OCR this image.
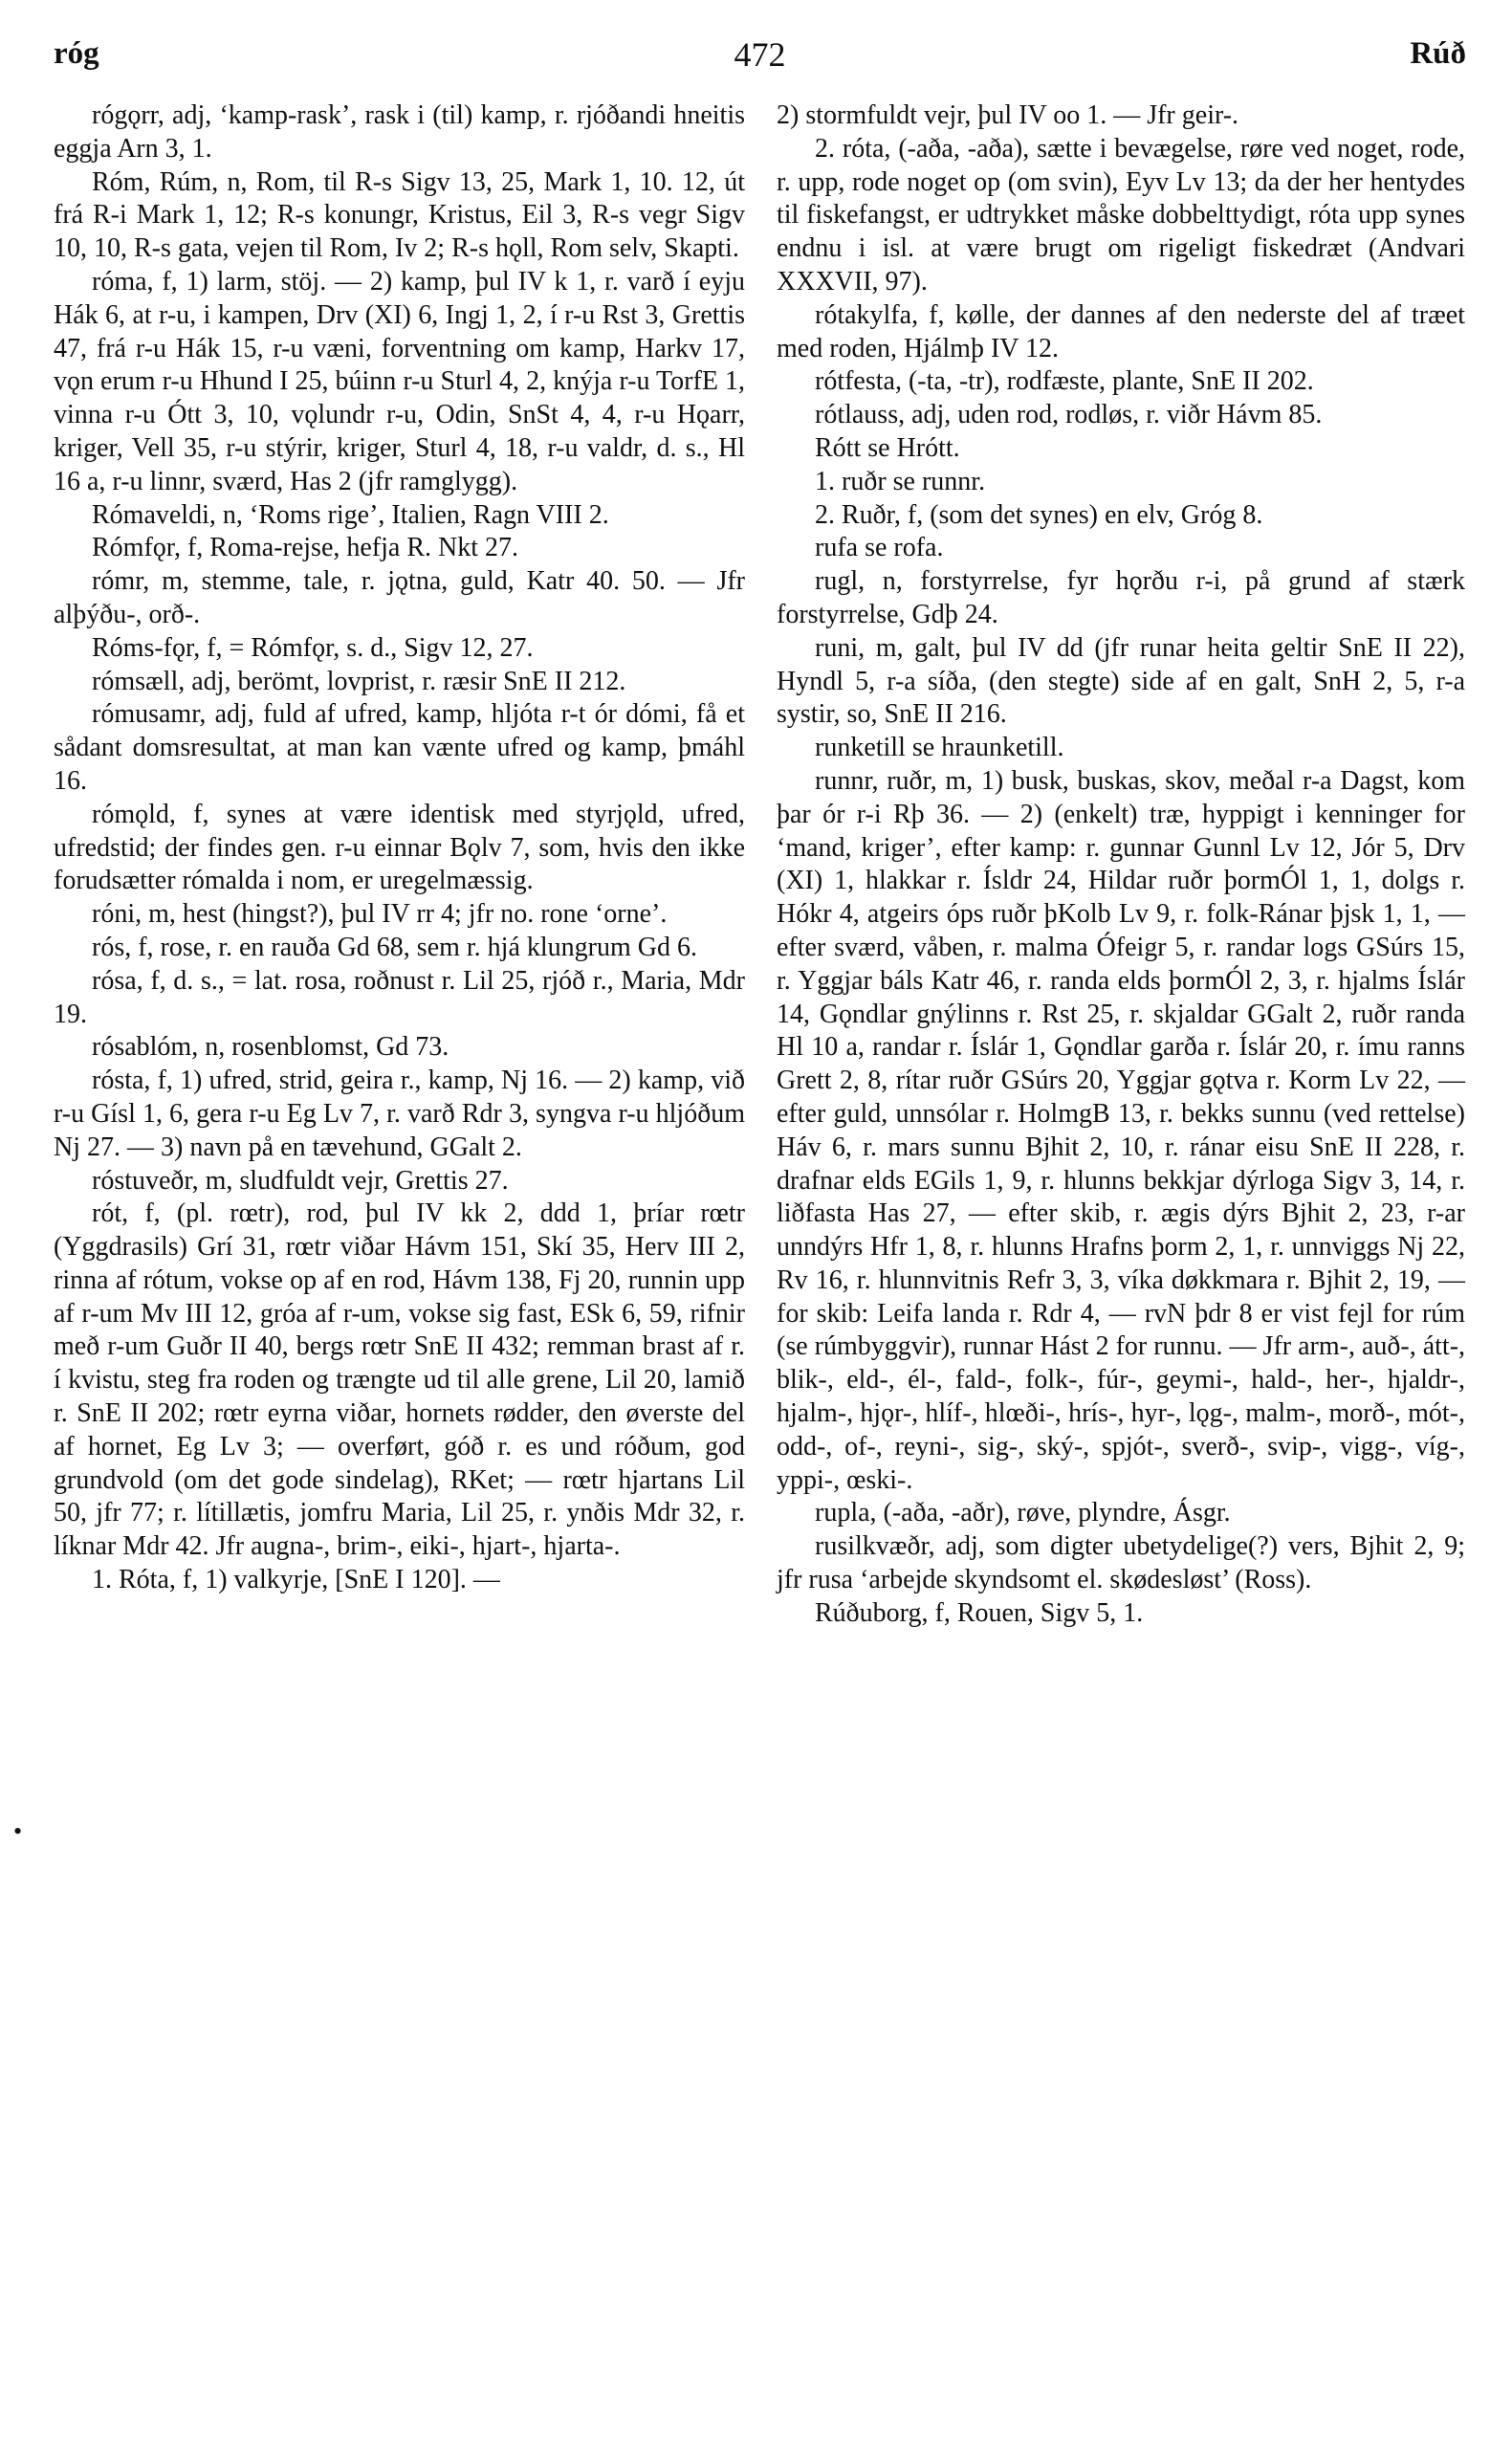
róg	472	Rúð
•

rógǫrr, adj, ‘kamp-rask’, rask i (til) kamp, r. rjóðandi hneitis eggja Arn 3, 1.

Róm, Rúm, n, Rom, til R-s Sigv 13, 25, Mark 1, 10. 12, út frá R-i Mark 1, 12; R-s konungr, Kristus, Eil 3, R-s vegr Sigv 10, 10, R-s gata, vejen til Rom, Iv 2; R-s hǫll, Rom selv, Skapti.

róma, f, 1) larm, stöj. — 2) kamp, þul IV k 1, r. varð í eyju Hák 6, at r-u, i kampen, Drv (XI) 6, Ingj 1, 2, í r-u Rst 3, Grettis 47, frá r-u Hák 15, r-u væni, forventning om kamp, Harkv 17, vǫn erum r-u Hhund I 25, búinn r-u Sturl 4, 2, knýja r-u TorfE 1, vinna r-u Ótt 3, 10, vǫlundr r-u, Odin, SnSt 4, 4, r-u Hǫarr, kriger, Vell 35, r-u stýrir, kriger, Sturl 4, 18, r-u valdr, d. s., Hl 16 a, r-u linnr, sværd, Has 2 (jfr ramglygg).

Rómaveldi, n, ‘Roms rige’, Italien, Ragn VIII 2.

Rómfǫr, f, Roma-rejse, hefja R. Nkt 27.

rómr, m, stemme, tale, r. jǫtna, guld, Katr 40. 50. — Jfr alþýðu-, orð-.

Róms-fǫr, f, = Rómfǫr, s. d., Sigv 12, 27.

rómsæll, adj, berömt, lovprist, r. ræsir SnE II 212.

rómusamr, adj, fuld af ufred, kamp, hljóta r-t ór dómi, få et sådant domsresultat, at man kan vænte ufred og kamp, þmáhl 16.

rómǫld, f, synes at være identisk med styrjǫld, ufred, ufredstid; der findes gen. r-u einnar Bǫlv 7, som, hvis den ikke forudsætter rómalda i nom, er uregelmæssig.

róni, m, hest (hingst?), þul IV rr 4; jfr no. rone ‘orne’.

rós, f, rose, r. en rauða Gd 68, sem r. hjá klungrum Gd 6.

rósa, f, d. s., = lat. rosa, roðnust r. Lil 25, rjóð r., Maria, Mdr 19.

rósablóm, n, rosenblomst, Gd 73.

rósta, f, 1) ufred, strid, geira r., kamp, Nj 16. — 2) kamp, við r-u Gísl 1, 6, gera r-u Eg Lv 7, r. varð Rdr 3, syngva r-u hljóðum Nj 27. — 3) navn på en tævehund, GGalt 2.

róstuveðr, m, sludfuldt vejr, Grettis 27.

rót, f, (pl. rœtr), rod, þul IV kk 2, ddd 1, þríar rœtr (Yggdrasils) Grí 31, rœtr viðar Hávm 151, Skí 35, Herv III 2, rinna af rótum, vokse op af en rod, Hávm 138, Fj 20, runnin upp af r-um Mv III 12, gróa af r-um, vokse sig fast, ESk 6, 59, rifnir með r-um Guðr II 40, bergs rœtr SnE II 432; remman brast af r. í kvistu, steg fra roden og trængte ud til alle grene, Lil 20, lamið r. SnE II 202; rœtr eyrna viðar, hornets rødder, den øverste del af hornet, Eg Lv 3; — overført, góð r. es und róðum, god grundvold (om det gode sindelag), RKet; — rœtr hjartans Lil 50, jfr 77; r. lítillætis, jomfru Maria, Lil 25, r. ynðis Mdr 32, r. líknar Mdr 42. Jfr augna-, brim-, eiki-, hjart-, hjarta-.

1. Róta, f, 1) valkyrje, [SnE I 120]. —

2) stormfuldt vejr, þul IV oo 1. — Jfr geir-.

2. róta, (-aða, -aða), sætte i bevægelse, røre ved noget, rode, r. upp, rode noget op (om svin), Eyv Lv 13; da der her hentydes til fiskefangst, er udtrykket måske dobbelttydigt, róta upp synes endnu i isl. at være brugt om rigeligt fiskedræt (Andvari XXXVII, 97).

rótakylfa, f, kølle, der dannes af den nederste del af træet med roden, Hjálmþ IV 12.

rótfesta, (-ta, -tr), rodfæste, plante, SnE II 202.

rótlauss, adj, uden rod, rodløs, r. viðr Hávm 85.

Rótt se Hrótt.

1. ruðr se runnr.

2. Ruðr, f, (som det synes) en elv, Gróg 8.

rufa se rofa.

rugl, n, forstyrrelse, fyr hǫrðu r-i, på grund af stærk forstyrrelse, Gdþ 24.

runi, m, galt, þul IV dd (jfr runar heita geltir SnE II 22), Hyndl 5, r-a síða, (den stegte) side af en galt, SnH 2, 5, r-a systir, so, SnE II 216.

runketill se hraunketill.

runnr, ruðr, m, 1) busk, buskas, skov, meðal r-a Dagst, kom þar ór r-i Rþ 36. — 2) (enkelt) træ, hyppigt i kenninger for ‘mand, kriger’, efter kamp: r. gunnar Gunnl Lv 12, Jór 5, Drv (XI) 1, hlakkar r. Ísldr 24, Hildar ruðr þormÓl 1, 1, dolgs r. Hókr 4, atgeirs óps ruðr þKolb Lv 9, r. folk-Ránar þjsk 1, 1, — efter sværd, våben, r. malma Ófeigr 5, r. randar logs GSúrs 15, r. Yggjar báls Katr 46, r. randa elds þormÓl 2, 3, r. hjalms Íslár 14, Gǫndlar gnýlinns r. Rst 25, r. skjaldar GGalt 2, ruðr randa Hl 10 a, randar r. Íslár 1, Gǫndlar garða r. Íslár 20, r. ímu ranns Grett 2, 8, rítar ruðr GSúrs 20, Yggjar gǫtva r. Korm Lv 22, — efter guld, unnsólar r. HolmgB 13, r. bekks sunnu (ved rettelse) Háv 6, r. mars sunnu Bjhit 2, 10, r. ránar eisu SnE II 228, r. drafnar elds EGils 1, 9, r. hlunns bekkjar dýrloga Sigv 3, 14, r. liðfasta Has 27, — efter skib, r. ægis dýrs Bjhit 2, 23, r-ar unndýrs Hfr 1, 8, r. hlunns Hrafns þorm 2, 1, r. unnviggs Nj 22, Rv 16, r. hlunnvitnis Refr 3, 3, víka døkkmara r. Bjhit 2, 19, — for skib: Leifa landa r. Rdr 4, — rvN þdr 8 er vist fejl for rúm (se rúmbyggvir), runnar Hást 2 for runnu. — Jfr arm-, auð-, átt-, blik-, eld-, él-, fald-, folk-, fúr-, geymi-, hald-, her-, hjaldr-, hjalm-, hjǫr-, hlíf-, hlœði-, hrís-, hyr-, lǫg-, malm-, morð-, mót-, odd-, of-, reyni-, sig-, ský-, spjót-, sverð-, svip-, vigg-, víg-, yppi-, œski-.

rupla, (-aða, -aðr), røve, plyndre, Ásgr.

rusilkvæðr, adj, som digter ubetydelige(?) vers, Bjhit 2, 9; jfr rusa ‘arbejde skyndsomt el. skødesløst’ (Ross).

Rúðuborg, f, Rouen, Sigv 5, 1.
